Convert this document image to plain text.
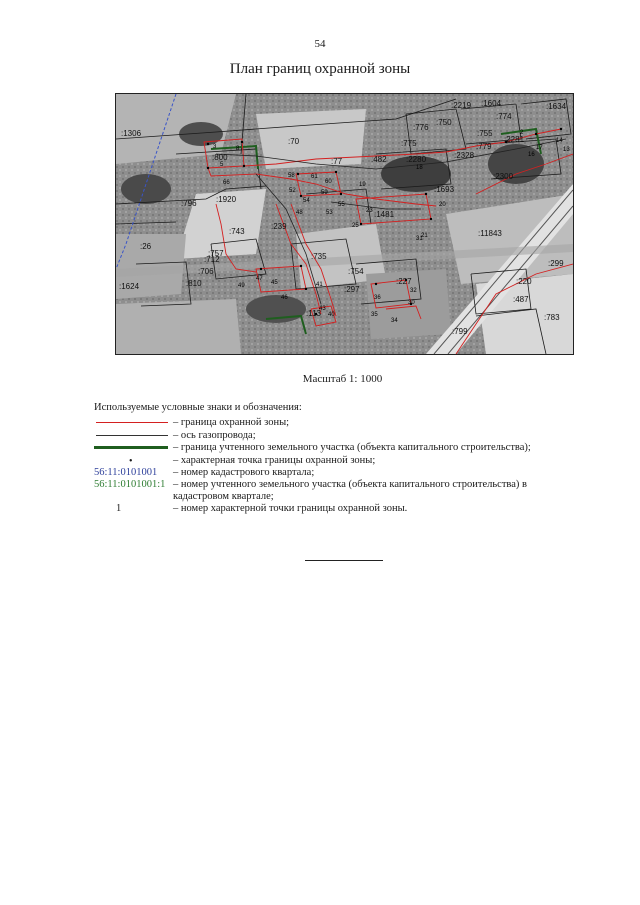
54
План границ охранной зоны
:1306
:70
:800	:77	:482 :2280	:2328
:1693
:796 :1920
:743
:239
:26
:735
:754
:1624	:810
:706
:712
:757
:2219 :1604
:774
:776
:750
:775
:755
:779
:2281
:2300
:1481
:297
:227
:113
:299
:220
:487
:799
:783
:11843
:1634
3	8
5
66	60
58	61
54
52	59
55
53
48	23
20
21
19
25
18
31
17
16
14
13
2
49
46
45
47
41
36
30
32
35
34
40
43
Масштаб 1: 1000
Используемые условные знаки и обозначения:
– граница охранной зоны;
– ось газопровода;
– граница учтенного земельного участка (объекта капитального строительства);
•	– характерная точка границы охранной зоны;
56:11:0101001	– номер кадастрового квартала;
56:11:0101001:1 – номер учтенного земельного участка (объекта капитального строительства) в кадастровом квартале;
1	– номер характерной точки границы охранной зоны.
